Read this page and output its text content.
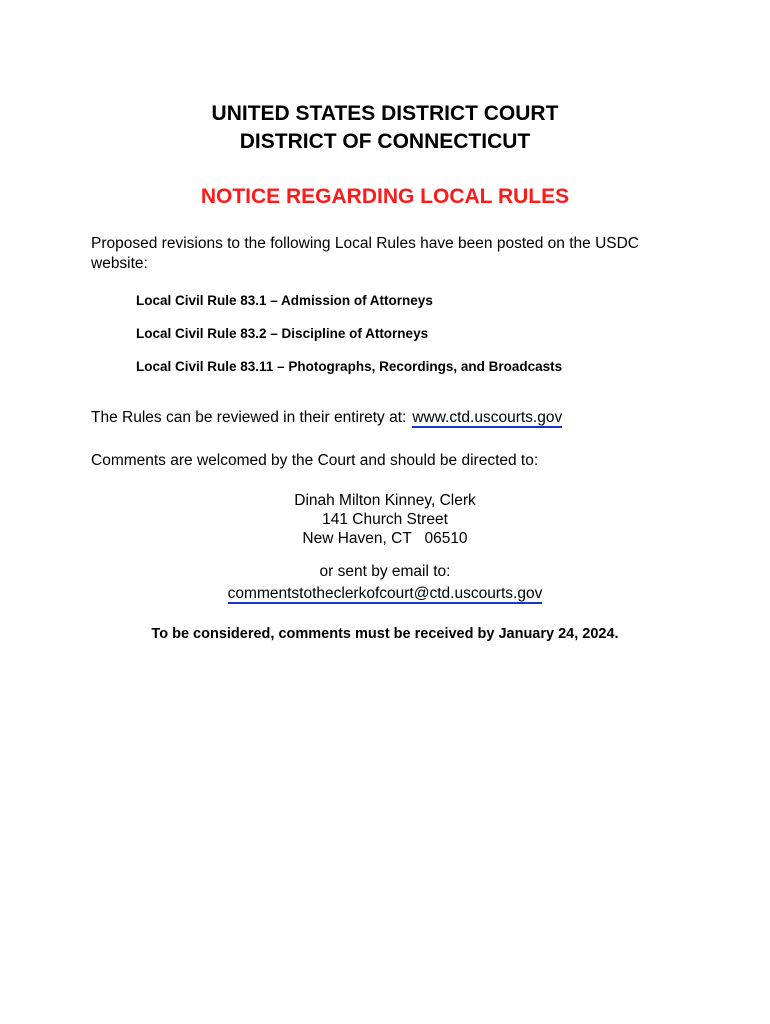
UNITED STATES DISTRICT COURT
DISTRICT OF CONNECTICUT
NOTICE REGARDING LOCAL RULES
Proposed revisions to the following Local Rules have been posted on the USDC website:
Local Civil Rule 83.1 – Admission of Attorneys
Local Civil Rule 83.2 – Discipline of Attorneys
Local Civil Rule 83.11 – Photographs, Recordings, and Broadcasts
The Rules can be reviewed in their entirety at: www.ctd.uscourts.gov
Comments are welcomed by the Court and should be directed to:
Dinah Milton Kinney, Clerk
141 Church Street
New Haven, CT   06510
or sent by email to:
commentstotheclerkofcourt@ctd.uscourts.gov
To be considered, comments must be received by January 24, 2024.
